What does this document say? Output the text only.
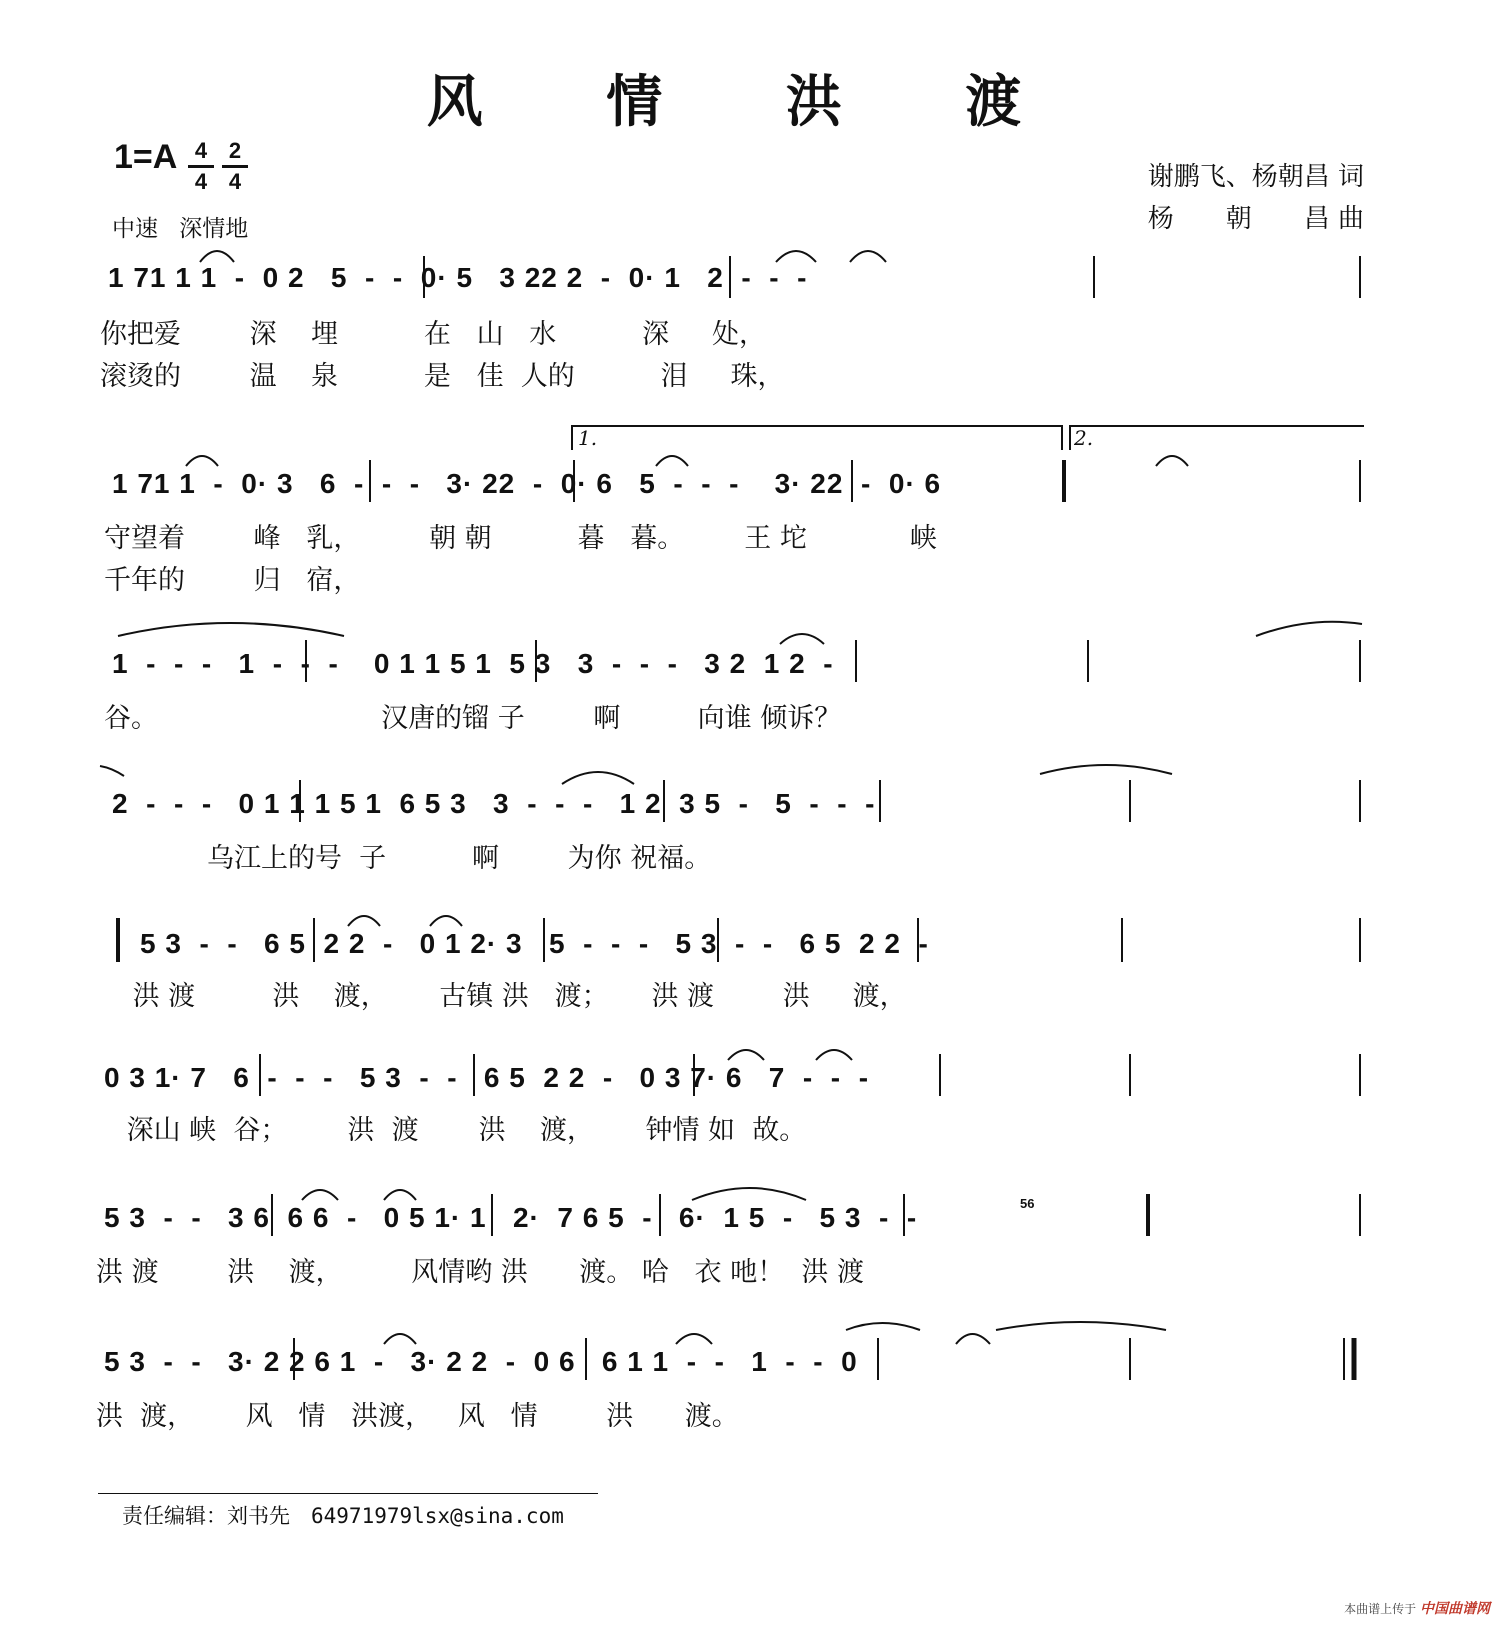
风 情 洪 渡
1=A 4
4
2
4
中速 深情地
谢鹏飞、杨朝昌 词
杨　　朝　　昌 曲
1 71 1 1  -  0 2   5  -  -  0· 5   3 22 2  -  0· 1   2  -  -  -
你把爱        深    埋          在   山   水          深     处，
滚烫的        温    泉          是   佳  人的          泪     珠，
1 71 1  -  0· 3   6  -  -  -   3· 22  -  0· 6   5  -  -  -    3· 22  -  0· 6
守望着        峰   乳，        朝 朝          暮   暮。       王 坨            峡
千年的        归   宿，
1.	2.
1  -  -  -   1  -  -  -    0 1 1 5 1  5 3   3  -  -  -   3 2  1 2  -
谷。                          汉唐的镏 子        啊         向谁 倾诉？
2  -  -  -   0 1 1 1 5 1  6 5 3   3  -  -  -   1 2  3 5  -   5  -  -  -
乌江上的号  子          啊        为你 祝福。
5 3  -  -   6 5  2 2  -   0 1 2· 3   5  -  -  -   5 3  -  -   6 5  2 2  -
洪 渡         洪    渡，      古镇 洪   渡；     洪 渡        洪     渡，
0 3 1· 7   6  -  -  -   5 3  -  -   6 5  2 2  -   0 3 7· 6   7  -  -  -
深山 峡  谷；       洪  渡       洪    渡，      钟情 如  故。
5 3  -  -   3 6  6 6  -   0 5 1· 1   2·  7 6 5  -   6·  1 5  -   5 3  -  -
洪 渡        洪    渡，        风情哟 洪      渡。 哈   衣 吔！  洪 渡
56
5 3  -  -   3· 2 2 6 1  -   3· 2 2  -  0 6   6 1 1  -  -   1  -  -  0
洪  渡，      风   情   洪渡，   风   情        洪      渡。
责任编辑：刘书先　64971979lsx@sina.com
本曲谱上传于 中国曲谱网
